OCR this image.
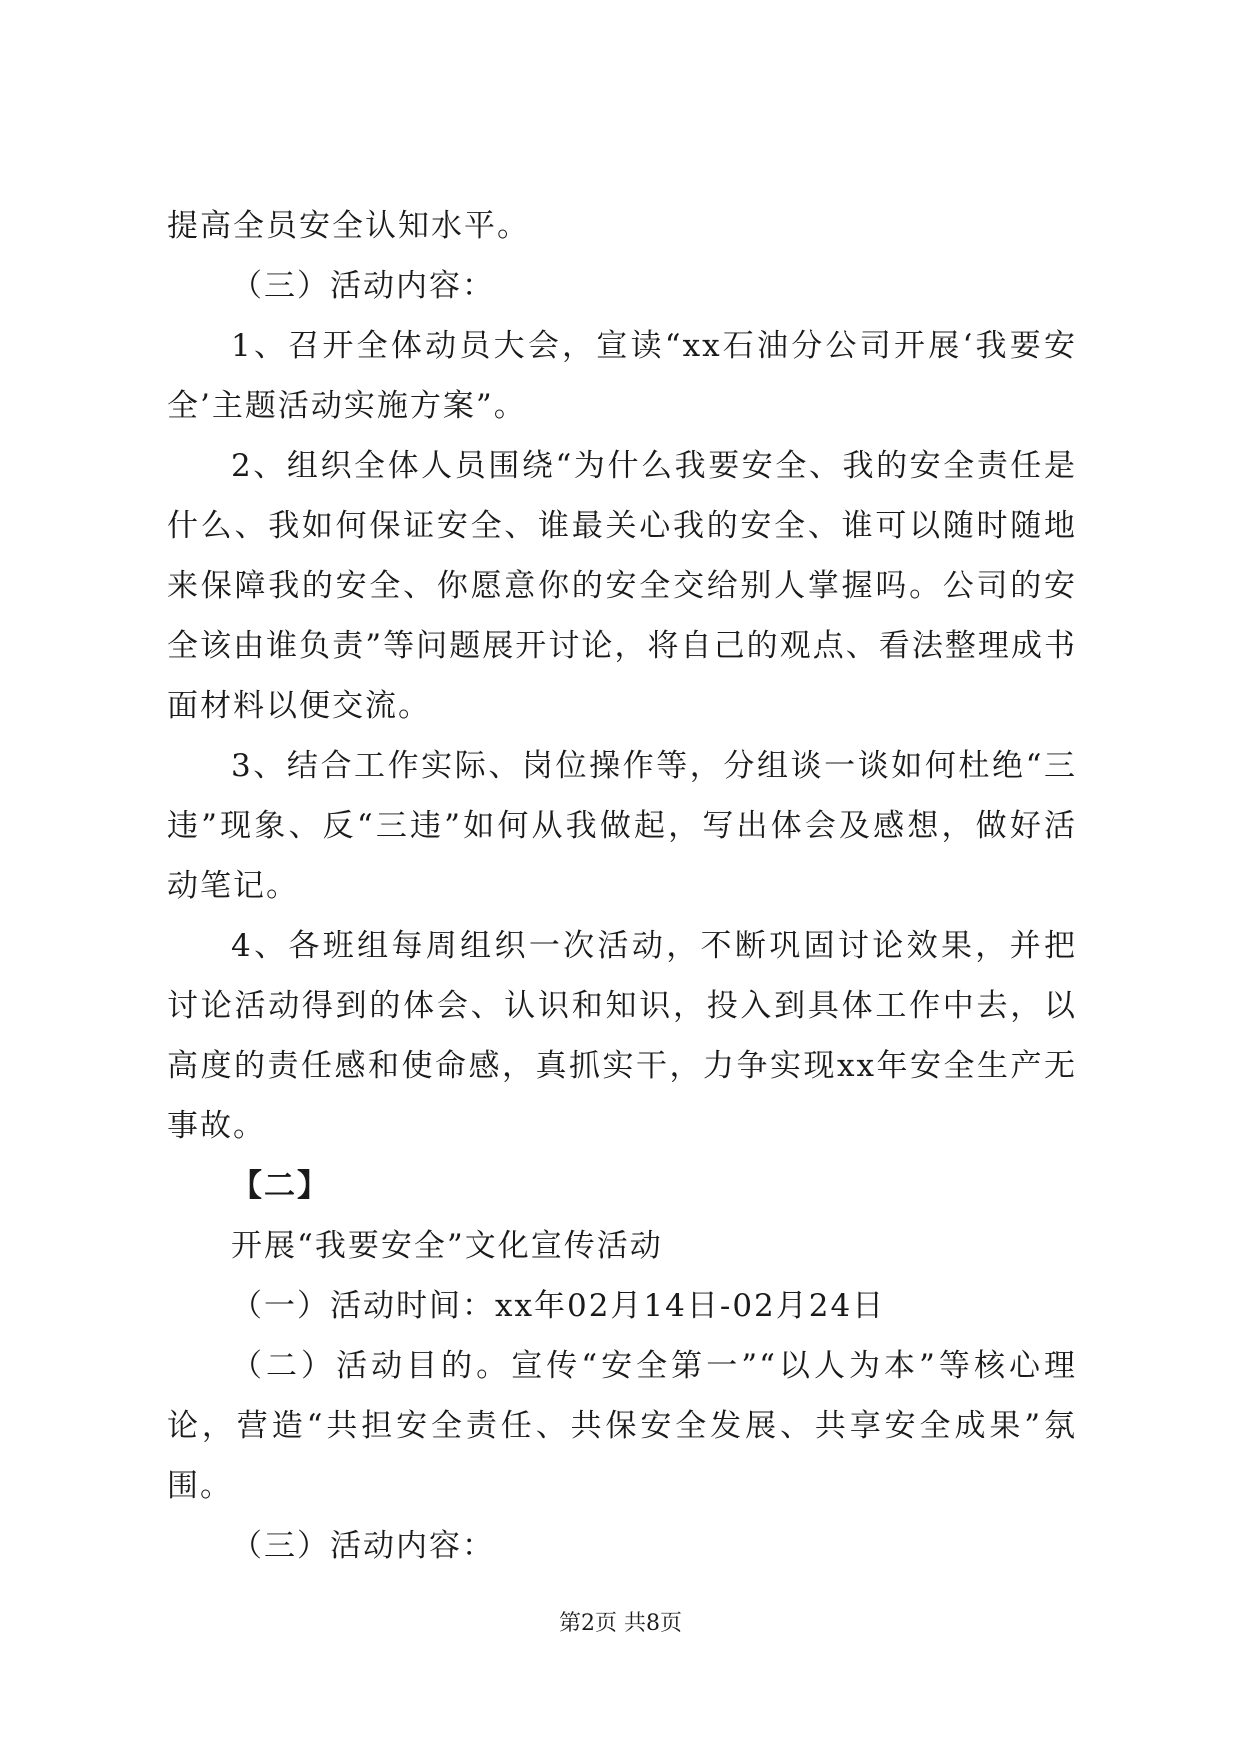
提高全员安全认知水平。

（三）活动内容：

1、召开全体动员大会，宣读“xx石油分公司开展‘我要安全’主题活动实施方案”。

2、组织全体人员围绕“为什么我要安全、我的安全责任是什么、我如何保证安全、谁最关心我的安全、谁可以随时随地来保障我的安全、你愿意你的安全交给别人掌握吗。公司的安全该由谁负责”等问题展开讨论，将自己的观点、看法整理成书面材料以便交流。

3、结合工作实际、岗位操作等，分组谈一谈如何杜绝“三违”现象、反“三违”如何从我做起，写出体会及感想，做好活动笔记。

4、各班组每周组织一次活动，不断巩固讨论效果，并把讨论活动得到的体会、认识和知识，投入到具体工作中去，以高度的责任感和使命感，真抓实干，力争实现xx年安全生产无事故。

【二】

开展“我要安全”文化宣传活动

（一）活动时间：xx年02月14日-02月24日

（二）活动目的。宣传“安全第一”“以人为本”等核心理论，营造“共担安全责任、共保安全发展、共享安全成果”氛围。

（三）活动内容：

第2页 共8页
